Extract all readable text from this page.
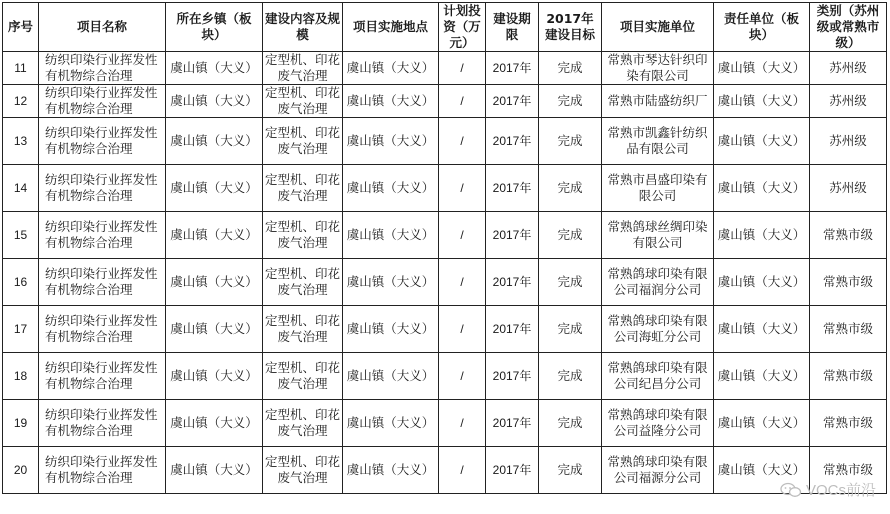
序号	项目名称	所在乡镇（板块）	建设内容及规模	项目实施地点	计划投资（万元）	建设期限	2017年建设目标	项目实施单位	责任单位（板块）	类别（苏州级或常熟市级）
11	纺织印染行业挥发性有机物综合治理	虞山镇（大义）	定型机、印花废气治理	虞山镇（大义）	/	2017年	完成	常熟市琴达针织印染有限公司	虞山镇（大义）	苏州级
12	纺织印染行业挥发性有机物综合治理	虞山镇（大义）	定型机、印花废气治理	虞山镇（大义）	/	2017年	完成	常熟市陆盛纺织厂	虞山镇（大义）	苏州级
13	纺织印染行业挥发性有机物综合治理	虞山镇（大义）	定型机、印花废气治理	虞山镇（大义）	/	2017年	完成	常熟市凯鑫针纺织品有限公司	虞山镇（大义）	苏州级
14	纺织印染行业挥发性有机物综合治理	虞山镇（大义）	定型机、印花废气治理	虞山镇（大义）	/	2017年	完成	常熟市昌盛印染有限公司	虞山镇（大义）	苏州级
15	纺织印染行业挥发性有机物综合治理	虞山镇（大义）	定型机、印花废气治理	虞山镇（大义）	/	2017年	完成	常熟鸽球丝绸印染有限公司	虞山镇（大义）	常熟市级
16	纺织印染行业挥发性有机物综合治理	虞山镇（大义）	定型机、印花废气治理	虞山镇（大义）	/	2017年	完成	常熟鸽球印染有限公司福润分公司	虞山镇（大义）	常熟市级
17	纺织印染行业挥发性有机物综合治理	虞山镇（大义）	定型机、印花废气治理	虞山镇（大义）	/	2017年	完成	常熟鸽球印染有限公司海虹分公司	虞山镇（大义）	常熟市级
18	纺织印染行业挥发性有机物综合治理	虞山镇（大义）	定型机、印花废气治理	虞山镇（大义）	/	2017年	完成	常熟鸽球印染有限公司纪昌分公司	虞山镇（大义）	常熟市级
19	纺织印染行业挥发性有机物综合治理	虞山镇（大义）	定型机、印花废气治理	虞山镇（大义）	/	2017年	完成	常熟鸽球印染有限公司益隆分公司	虞山镇（大义）	常熟市级
20	纺织印染行业挥发性有机物综合治理	虞山镇（大义）	定型机、印花废气治理	虞山镇（大义）	/	2017年	完成	常熟鸽球印染有限公司福源分公司	虞山镇（大义）	常熟市级
VOCs前沿
